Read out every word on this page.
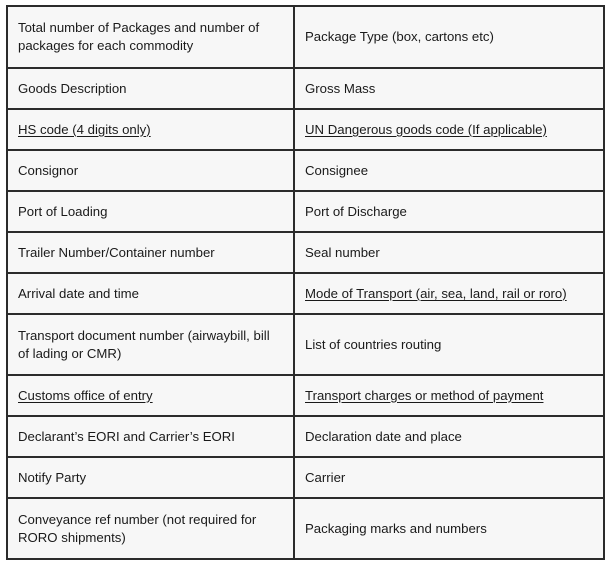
Total number of Packages and number of packages for each commodity	Package Type (box, cartons etc)
Goods Description	Gross Mass
HS code (4 digits only)	UN Dangerous goods code (If applicable)
Consignor	Consignee
Port of Loading	Port of Discharge
Trailer Number/Container number	Seal number
Arrival date and time	Mode of Transport (air, sea, land, rail or roro)
Transport document number (airwaybill, bill of lading or CMR)	List of countries routing
Customs office of entry	Transport charges or method of payment
Declarant’s EORI and Carrier’s EORI	Declaration date and place
Notify Party	Carrier
Conveyance ref number (not required for RORO shipments)	Packaging marks and numbers
